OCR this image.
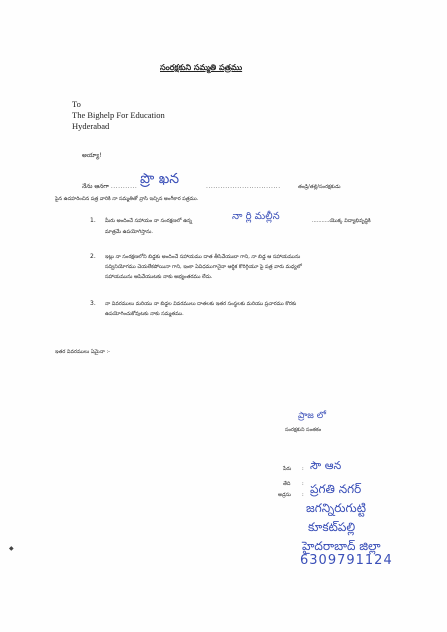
సంరక్షకుని సమ్మతి పత్రము
To
The Bighelp For Education
Hyderabad
అయ్యా!
నేను ఆనగా ........... ప్రొ ఖన	...............................	తండ్రి/తల్లి/సంరక్షకుడు
పైన ఉదహరించిన పత్ర వారికి నా సమ్మతితో వ్రాసి ఇచ్చిన అంగీకార పత్రము.
1. మీరు అందించే సహాయం నా సంరక్షణలో ఉన్న	నా ర్లి మల్లీన	...........యొక్క విద్యాభివృద్ధికి
మాత్రమే ఉపయోగిస్తాను.
2. ఇట్లు నా సంరక్షణలోని బిడ్డకు అందించే సహాయము దాత తీసివేయుబా గాని, నా బిడ్డ ఆ సహాయమును
సద్వినియోగము చెయలేకపోయినా గాని, ఇంకా ఏవిధముగానైనా ఆర్థిక కొరిగ్గియూ పై పత్ర వారు మధ్యలో
సహాయమును ఆపివేయుటకు నాకు అభ్యంతరము లేదు.
3. నా వివరములు మరియు నా బిడ్డల వివరములు దాతలకు ఇతర సంస్థలకు మరియు ప్రచారము కొరకు
ఉపయోగించుకోవుటకు నాకు సమ్మతము.
ఇతర వివరములు ఏమైనా :-
ప్రాజ లో
సంరక్షకుని సంతకం
పేరు : సౌ ఆన
తేది :
అడ్రసు : ప్రగతి నగర్
జగన్నిరుగుట్టి
కూకట్‌పల్లి
హైదరాబాద్ జిల్లా
6309791124
◆
